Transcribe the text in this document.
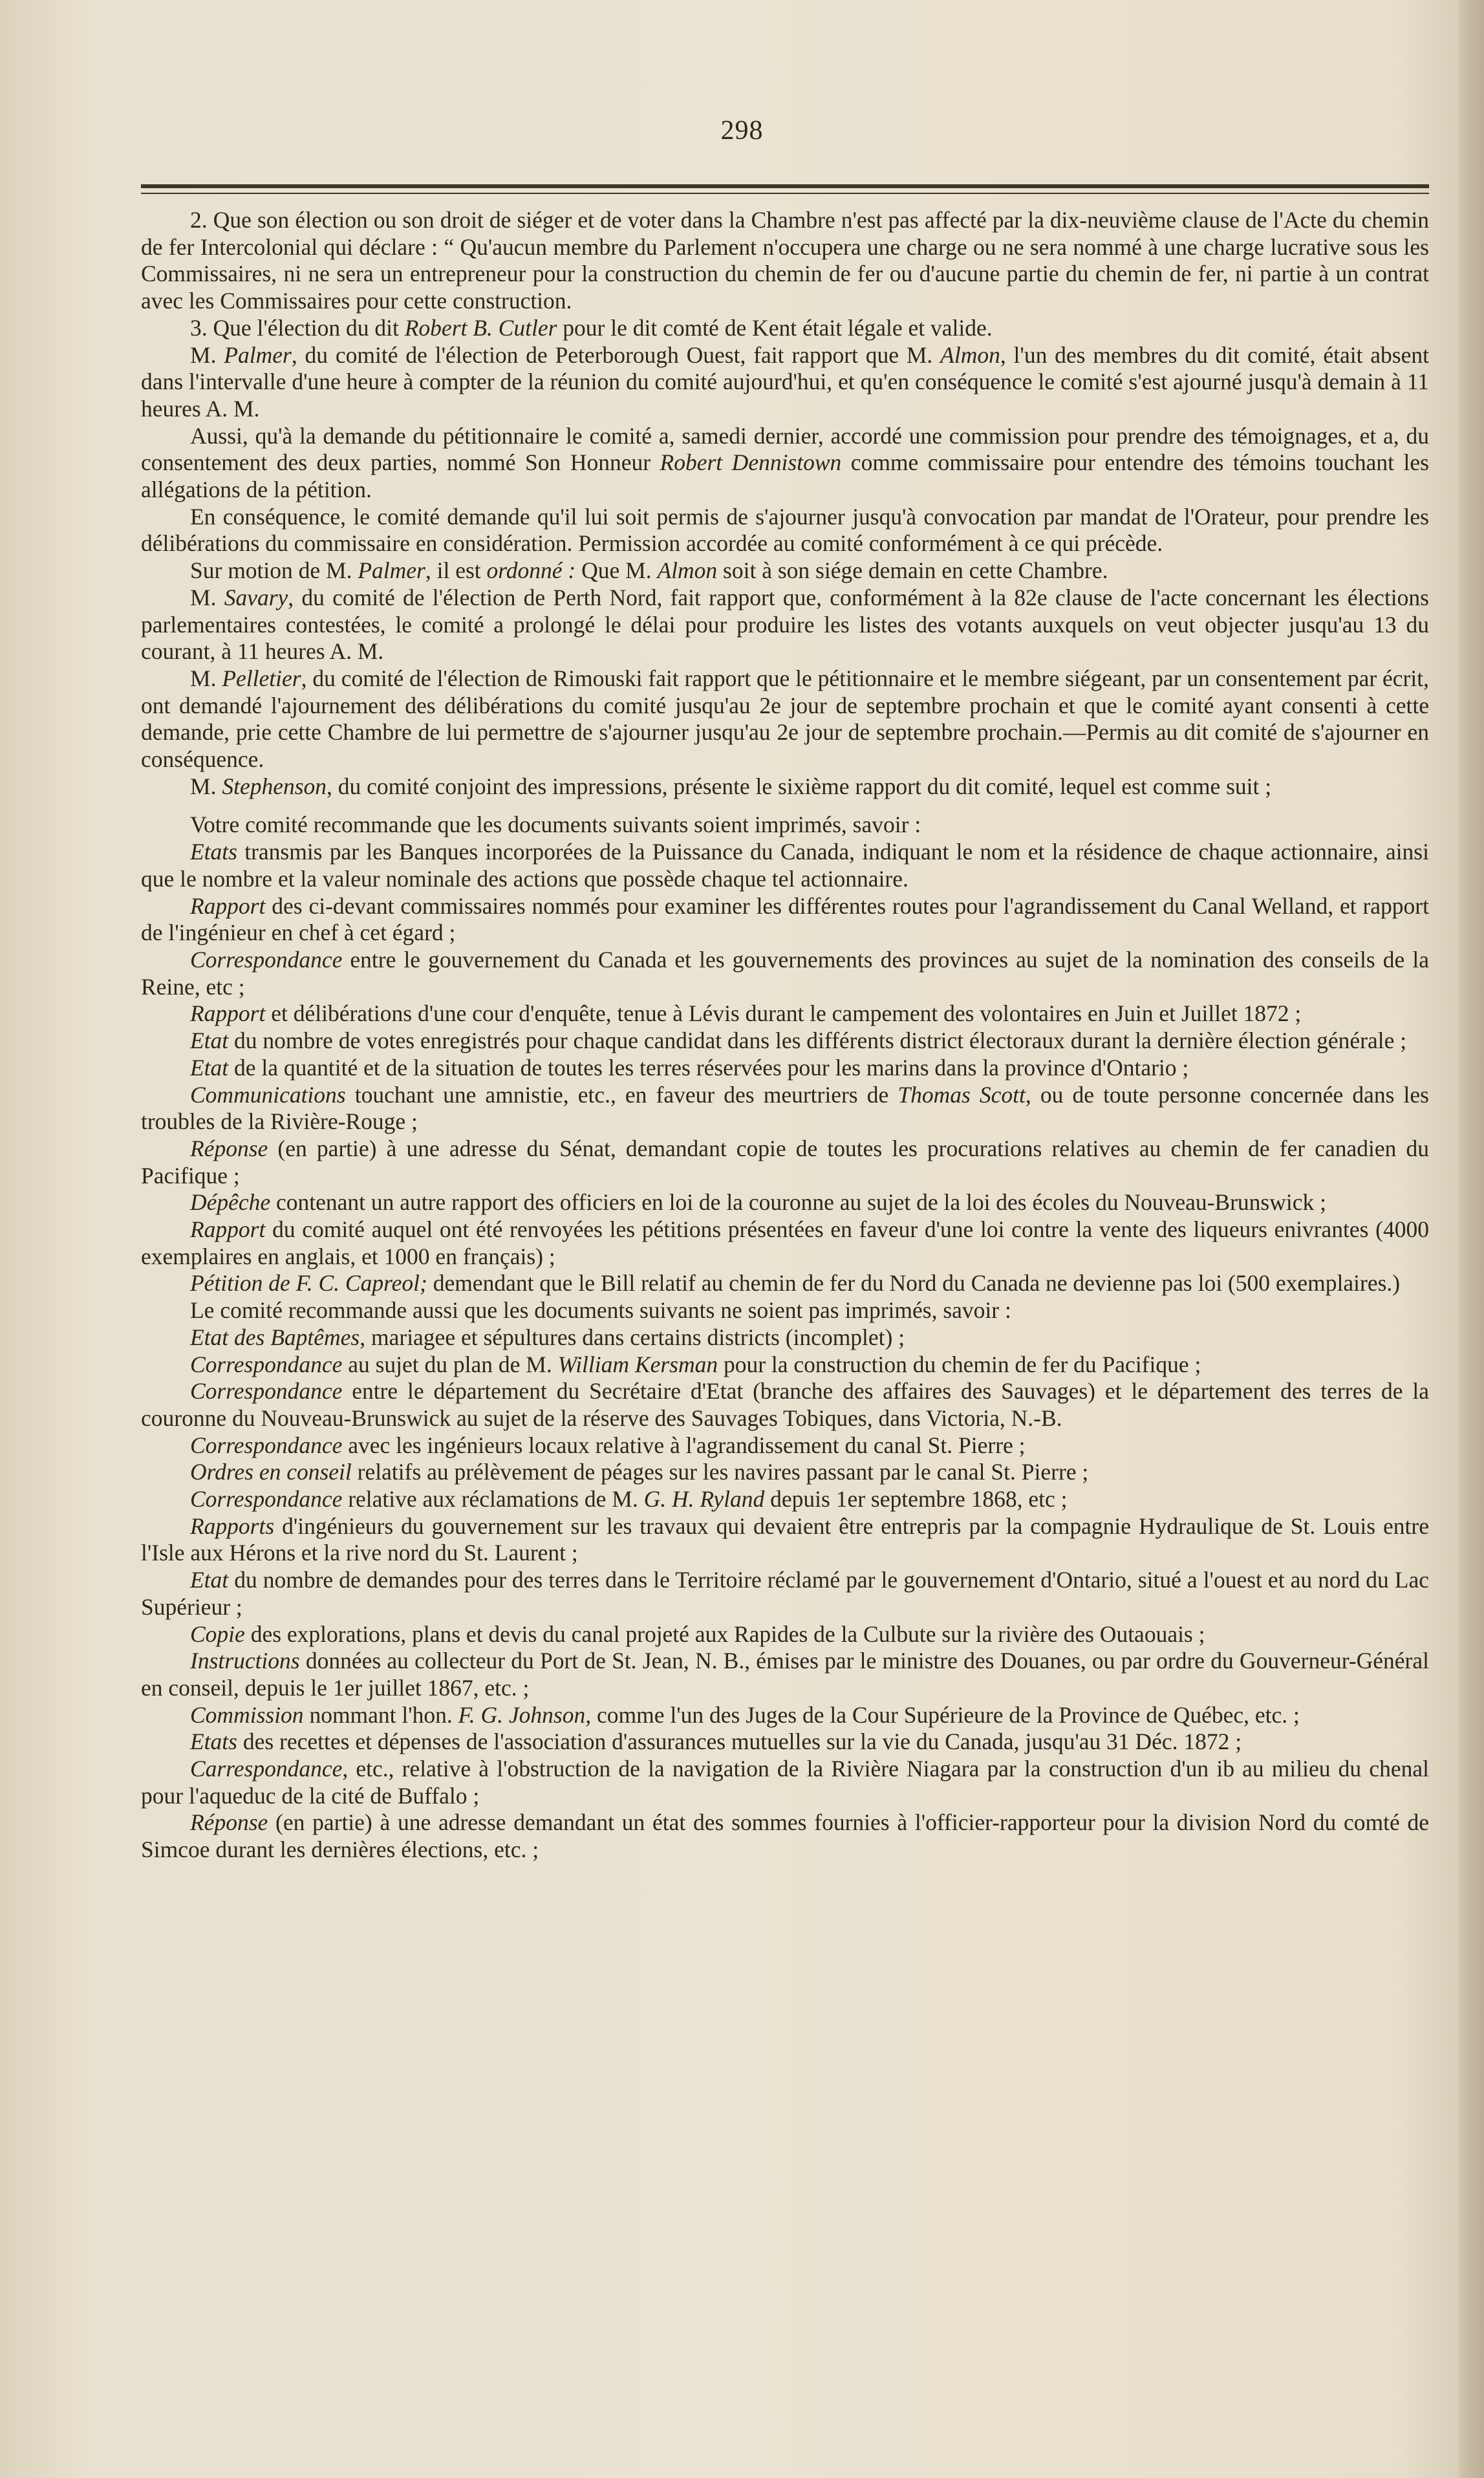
298

2. Que son élection ou son droit de siéger et de voter dans la Chambre n'est pas affecté par la dix-neuvième clause de l'Acte du chemin de fer Intercolonial qui déclare : “ Qu'aucun membre du Parlement n'occupera une charge ou ne sera nommé à une charge lucrative sous les Commissaires, ni ne sera un entrepreneur pour la construction du chemin de fer ou d'aucune partie du chemin de fer, ni partie à un contrat avec les Commissaires pour cette construction.

3. Que l'élection du dit Robert B. Cutler pour le dit comté de Kent était légale et valide.

M. Palmer, du comité de l'élection de Peterborough Ouest, fait rapport que M. Almon, l'un des membres du dit comité, était absent dans l'intervalle d'une heure à compter de la réunion du comité aujourd'hui, et qu'en conséquence le comité s'est ajourné jusqu'à demain à 11 heures A. M.

Aussi, qu'à la demande du pétitionnaire le comité a, samedi dernier, accordé une commission pour prendre des témoignages, et a, du consentement des deux parties, nommé Son Honneur Robert Dennistown comme commissaire pour entendre des témoins touchant les allégations de la pétition.

En conséquence, le comité demande qu'il lui soit permis de s'ajourner jusqu'à convocation par mandat de l'Orateur, pour prendre les délibérations du commissaire en considération. Permission accordée au comité conformément à ce qui précède.

Sur motion de M. Palmer, il est ordonné : Que M. Almon soit à son siége demain en cette Chambre.

M. Savary, du comité de l'élection de Perth Nord, fait rapport que, conformément à la 82e clause de l'acte concernant les élections parlementaires contestées, le comité a prolongé le délai pour produire les listes des votants auxquels on veut objecter jusqu'au 13 du courant, à 11 heures A. M.

M. Pelletier, du comité de l'élection de Rimouski fait rapport que le pétitionnaire et le membre siégeant, par un consentement par écrit, ont demandé l'ajournement des délibérations du comité jusqu'au 2e jour de septembre prochain et que le comité ayant consenti à cette demande, prie cette Chambre de lui permettre de s'ajourner jusqu'au 2e jour de septembre prochain.—Permis au dit comité de s'ajourner en conséquence.

M. Stephenson, du comité conjoint des impressions, présente le sixième rapport du dit comité, lequel est comme suit ;

Votre comité recommande que les documents suivants soient imprimés, savoir :

Etats transmis par les Banques incorporées de la Puissance du Canada, indiquant le nom et la résidence de chaque actionnaire, ainsi que le nombre et la valeur nominale des actions que possède chaque tel actionnaire.

Rapport des ci-devant commissaires nommés pour examiner les différentes routes pour l'agrandissement du Canal Welland, et rapport de l'ingénieur en chef à cet égard ;

Correspondance entre le gouvernement du Canada et les gouvernements des provinces au sujet de la nomination des conseils de la Reine, etc ;

Rapport et délibérations d'une cour d'enquête, tenue à Lévis durant le campement des volontaires en Juin et Juillet 1872 ;

Etat du nombre de votes enregistrés pour chaque candidat dans les différents district électoraux durant la dernière élection générale ;

Etat de la quantité et de la situation de toutes les terres réservées pour les marins dans la province d'Ontario ;

Communications touchant une amnistie, etc., en faveur des meurtriers de Thomas Scott, ou de toute personne concernée dans les troubles de la Rivière-Rouge ;

Réponse (en partie) à une adresse du Sénat, demandant copie de toutes les procurations relatives au chemin de fer canadien du Pacifique ;

Dépêche contenant un autre rapport des officiers en loi de la couronne au sujet de la loi des écoles du Nouveau-Brunswick ;

Rapport du comité auquel ont été renvoyées les pétitions présentées en faveur d'une loi contre la vente des liqueurs enivrantes (4000 exemplaires en anglais, et 1000 en français) ;

Pétition de F. C. Capreol; demendant que le Bill relatif au chemin de fer du Nord du Canada ne devienne pas loi (500 exemplaires.)

Le comité recommande aussi que les documents suivants ne soient pas imprimés, savoir :

Etat des Baptêmes, mariagee et sépultures dans certains districts (incomplet) ;

Correspondance au sujet du plan de M. William Kersman pour la construction du chemin de fer du Pacifique ;

Correspondance entre le département du Secrétaire d'Etat (branche des affaires des Sauvages) et le département des terres de la couronne du Nouveau-Brunswick au sujet de la réserve des Sauvages Tobiques, dans Victoria, N.-B.

Correspondance avec les ingénieurs locaux relative à l'agrandissement du canal St. Pierre ;

Ordres en conseil relatifs au prélèvement de péages sur les navires passant par le canal St. Pierre ;

Correspondance relative aux réclamations de M. G. H. Ryland depuis 1er septembre 1868, etc ;

Rapports d'ingénieurs du gouvernement sur les travaux qui devaient être entrepris par la compagnie Hydraulique de St. Louis entre l'Isle aux Hérons et la rive nord du St. Laurent ;

Etat du nombre de demandes pour des terres dans le Territoire réclamé par le gouvernement d'Ontario, situé a l'ouest et au nord du Lac Supérieur ;

Copie des explorations, plans et devis du canal projeté aux Rapides de la Culbute sur la rivière des Outaouais ;

Instructions données au collecteur du Port de St. Jean, N. B., émises par le ministre des Douanes, ou par ordre du Gouverneur-Général en conseil, depuis le 1er juillet 1867, etc. ;

Commission nommant l'hon. F. G. Johnson, comme l'un des Juges de la Cour Supérieure de la Province de Québec, etc. ;

Etats des recettes et dépenses de l'association d'assurances mutuelles sur la vie du Canada, jusqu'au 31 Déc. 1872 ;

Carrespondance, etc., relative à l'obstruction de la navigation de la Rivière Niagara par la construction d'un ib au milieu du chenal pour l'aqueduc de la cité de Buffalo ;

Réponse (en partie) à une adresse demandant un état des sommes fournies à l'officier-rapporteur pour la division Nord du comté de Simcoe durant les dernières élections, etc. ;
